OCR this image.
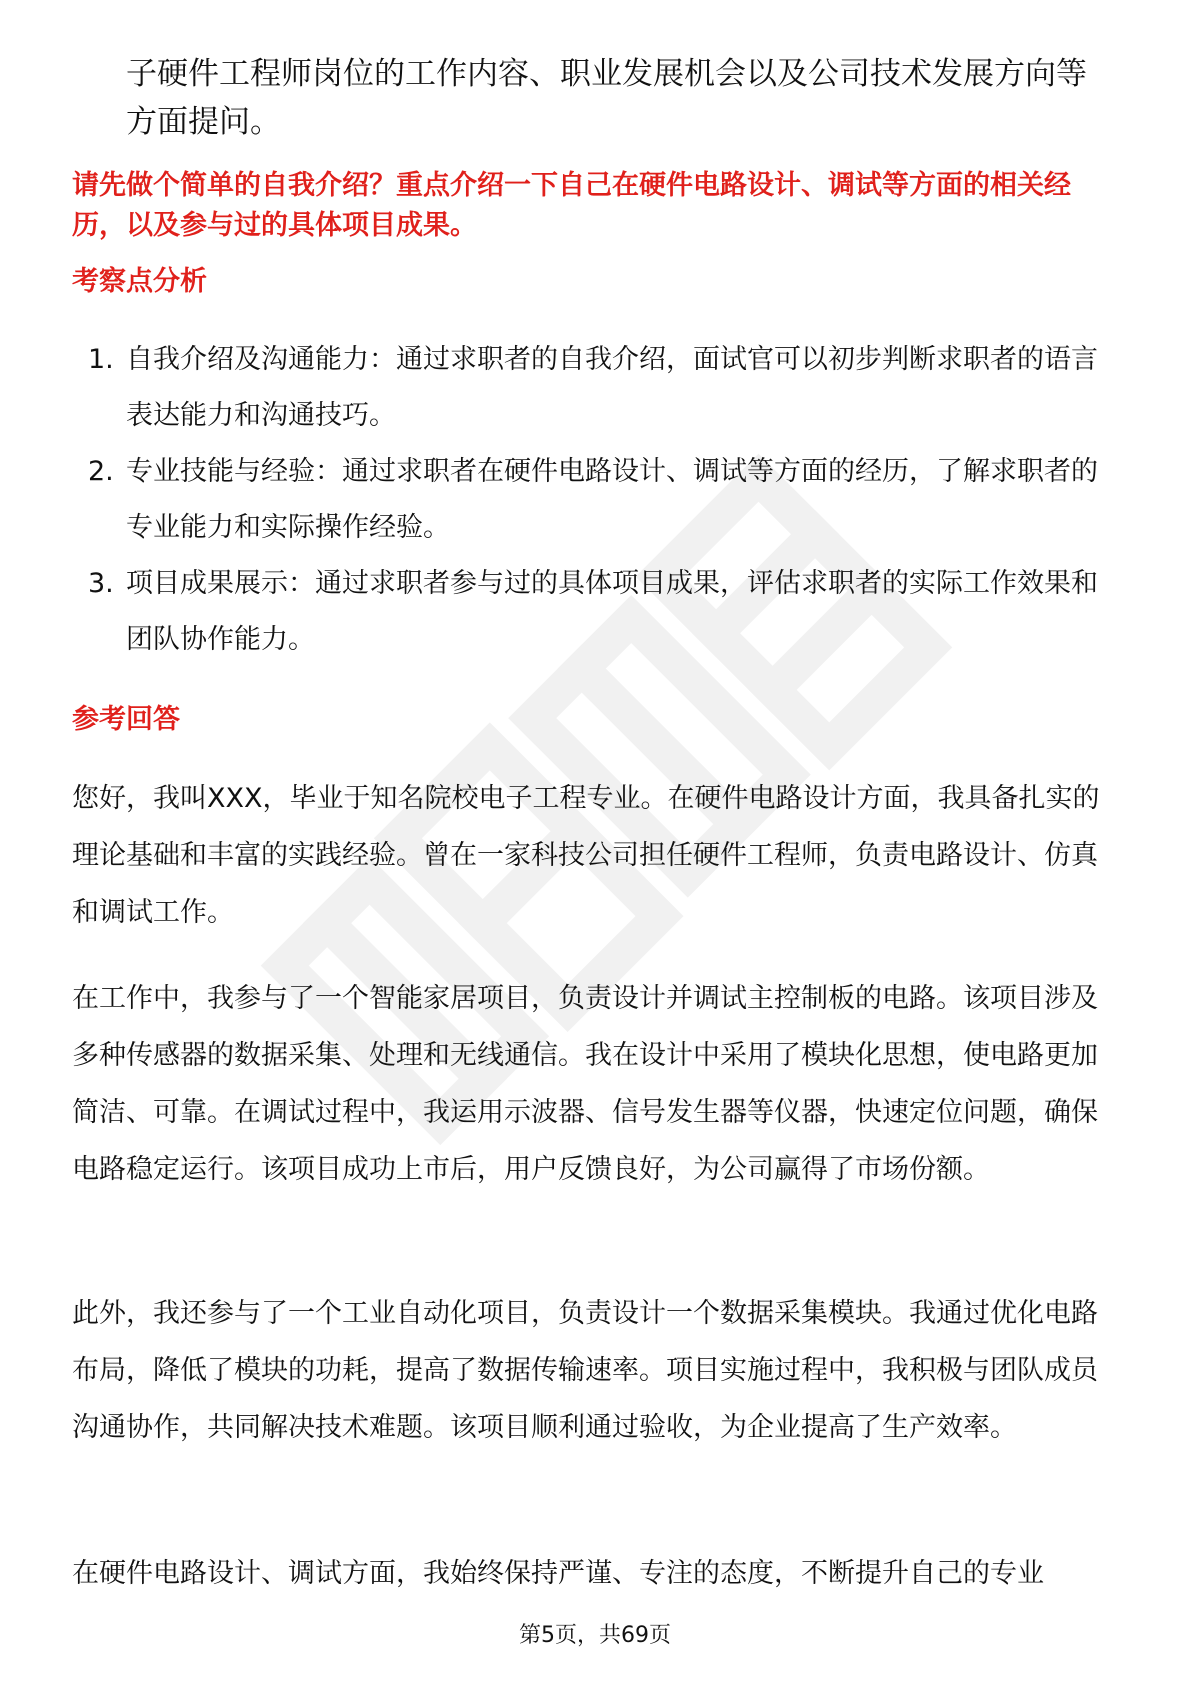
子硬件工程师岗位的工作内容、职业发展机会以及公司技术发展方向等方面提问。

请先做个简单的自我介绍？重点介绍一下自己在硬件电路设计、调试等方面的相关经历，以及参与过的具体项目成果。

考察点分析
1. 自我介绍及沟通能力：通过求职者的自我介绍，面试官可以初步判断求职者的语言表达能力和沟通技巧。
2. 专业技能与经验：通过求职者在硬件电路设计、调试等方面的经历，了解求职者的专业能力和实际操作经验。
3. 项目成果展示：通过求职者参与过的具体项目成果，评估求职者的实际工作效果和团队协作能力。
参考回答

您好，我叫XXX，毕业于知名院校电子工程专业。在硬件电路设计方面，我具备扎实的理论基础和丰富的实践经验。曾在一家科技公司担任硬件工程师，负责电路设计、仿真和调试工作。

在工作中，我参与了一个智能家居项目，负责设计并调试主控制板的电路。该项目涉及多种传感器的数据采集、处理和无线通信。我在设计中采用了模块化思想，使电路更加简洁、可靠。在调试过程中，我运用示波器、信号发生器等仪器，快速定位问题，确保电路稳定运行。该项目成功上市后，用户反馈良好，为公司赢得了市场份额。

此外，我还参与了一个工业自动化项目，负责设计一个数据采集模块。我通过优化电路布局，降低了模块的功耗，提高了数据传输速率。项目实施过程中，我积极与团队成员沟通协作，共同解决技术难题。该项目顺利通过验收，为企业提高了生产效率。

在硬件电路设计、调试方面，我始终保持严谨、专注的态度，不断提升自己的专业

第5页，共69页
